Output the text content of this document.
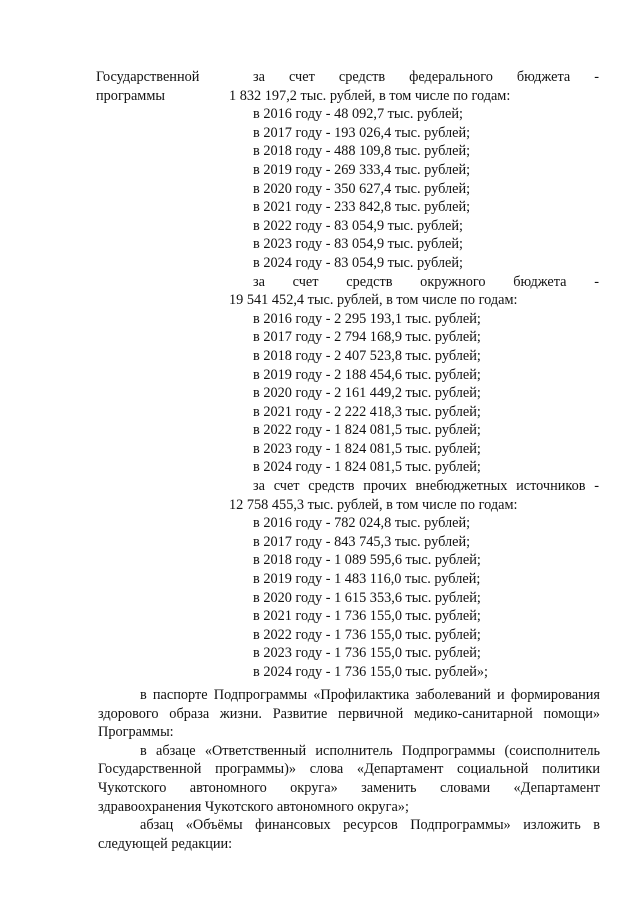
Государственной
программы
за счет средств федерального бюджета -
1 832 197,2 тыс. рублей, в том числе по годам:
в 2016 году - 48 092,7 тыс. рублей;
в 2017 году - 193 026,4 тыс. рублей;
в 2018 году - 488 109,8 тыс. рублей;
в 2019 году - 269 333,4 тыс. рублей;
в 2020 году - 350 627,4 тыс. рублей;
в 2021 году - 233 842,8 тыс. рублей;
в 2022 году - 83 054,9 тыс. рублей;
в 2023 году - 83 054,9 тыс. рублей;
в 2024 году - 83 054,9 тыс. рублей;
за счет средств окружного бюджета -
19 541 452,4 тыс. рублей, в том числе по годам:
в 2016 году - 2 295 193,1 тыс. рублей;
в 2017 году - 2 794 168,9 тыс. рублей;
в 2018 году - 2 407 523,8 тыс. рублей;
в 2019 году - 2 188 454,6 тыс. рублей;
в 2020 году - 2 161 449,2 тыс. рублей;
в 2021 году - 2 222 418,3 тыс. рублей;
в 2022 году - 1 824 081,5 тыс. рублей;
в 2023 году - 1 824 081,5 тыс. рублей;
в 2024 году - 1 824 081,5 тыс. рублей;
за счет средств прочих внебюджетных источников -
12 758 455,3 тыс. рублей, в том числе по годам:
в 2016 году - 782 024,8 тыс. рублей;
в 2017 году - 843 745,3 тыс. рублей;
в 2018 году - 1 089 595,6 тыс. рублей;
в 2019 году - 1 483 116,0 тыс. рублей;
в 2020 году - 1 615 353,6 тыс. рублей;
в 2021 году - 1 736 155,0 тыс. рублей;
в 2022 году - 1 736 155,0 тыс. рублей;
в 2023 году - 1 736 155,0 тыс. рублей;
в 2024 году - 1 736 155,0 тыс. рублей»;

в паспорте Подпрограммы «Профилактика заболеваний и формирования здорового образа жизни. Развитие первичной медико-санитарной помощи» Программы:

в абзаце «Ответственный исполнитель Подпрограммы (соисполнитель Государственной программы)» слова «Департамент социальной политики Чукотского автономного округа» заменить словами «Департамент здравоохранения Чукотского автономного округа»;

абзац «Объёмы финансовых ресурсов Подпрограммы» изложить в следующей редакции:
